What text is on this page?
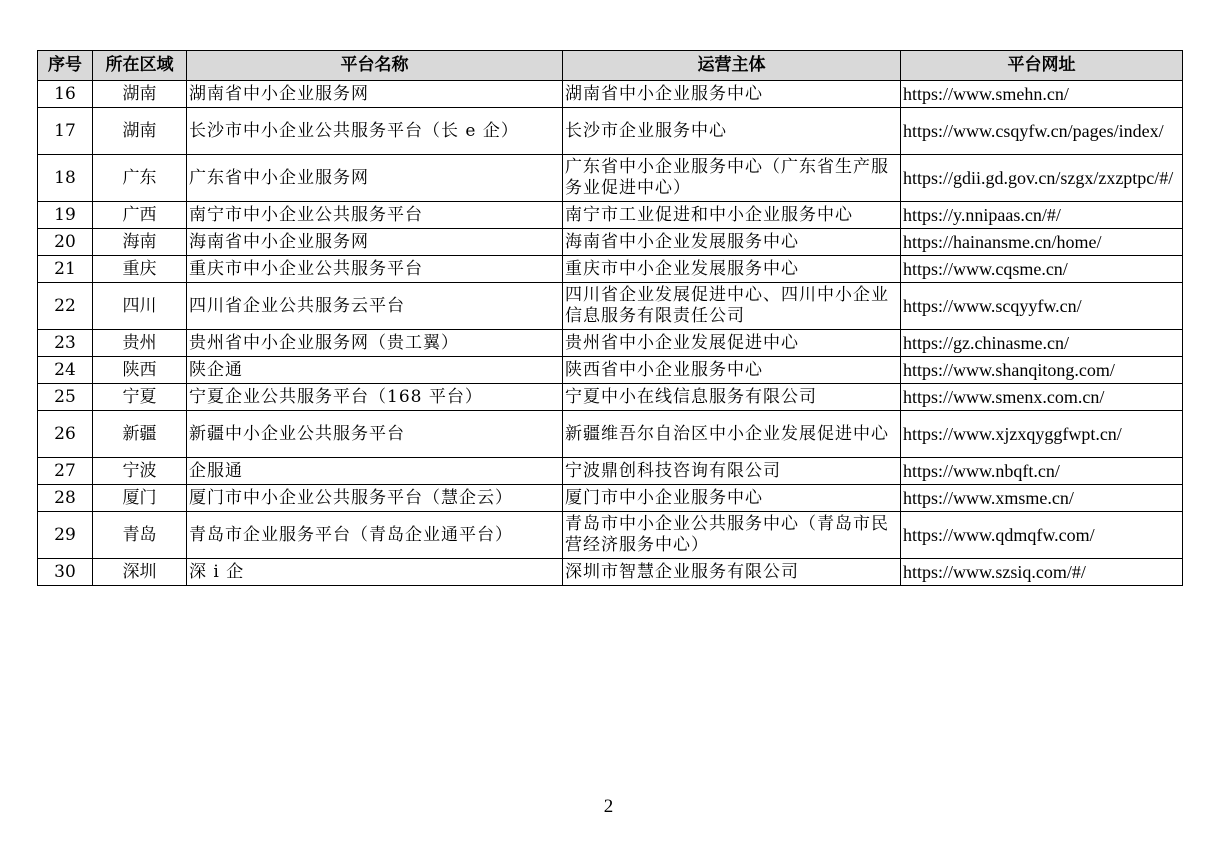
序号	所在区域	平台名称	运营主体	平台网址
16	湖南	湖南省中小企业服务网	湖南省中小企业服务中心	https://www.smehn.cn/
17	湖南	长沙市中小企业公共服务平台（长 e 企）	长沙市企业服务中心	https://www.csqyfw.cn/pages/index/
18	广东	广东省中小企业服务网	广东省中小企业服务中心（广东省生产服务业促进中心）	https://gdii.gd.gov.cn/szgx/zxzptpc/#/
19	广西	南宁市中小企业公共服务平台	南宁市工业促进和中小企业服务中心	https://y.nnipaas.cn/#/
20	海南	海南省中小企业服务网	海南省中小企业发展服务中心	https://hainansme.cn/home/
21	重庆	重庆市中小企业公共服务平台	重庆市中小企业发展服务中心	https://www.cqsme.cn/
22	四川	四川省企业公共服务云平台	四川省企业发展促进中心、四川中小企业信息服务有限责任公司	https://www.scqyyfw.cn/
23	贵州	贵州省中小企业服务网（贵工翼）	贵州省中小企业发展促进中心	https://gz.chinasme.cn/
24	陕西	陕企通	陕西省中小企业服务中心	https://www.shanqitong.com/
25	宁夏	宁夏企业公共服务平台（168 平台）	宁夏中小在线信息服务有限公司	https://www.smenx.com.cn/
26	新疆	新疆中小企业公共服务平台	新疆维吾尔自治区中小企业发展促进中心	https://www.xjzxqyggfwpt.cn/
27	宁波	企服通	宁波鼎创科技咨询有限公司	https://www.nbqft.cn/
28	厦门	厦门市中小企业公共服务平台（慧企云）	厦门市中小企业服务中心	https://www.xmsme.cn/
29	青岛	青岛市企业服务平台（青岛企业通平台）	青岛市中小企业公共服务中心（青岛市民营经济服务中心）	https://www.qdmqfw.com/
30	深圳	深 i 企	深圳市智慧企业服务有限公司	https://www.szsiq.com/#/
2
